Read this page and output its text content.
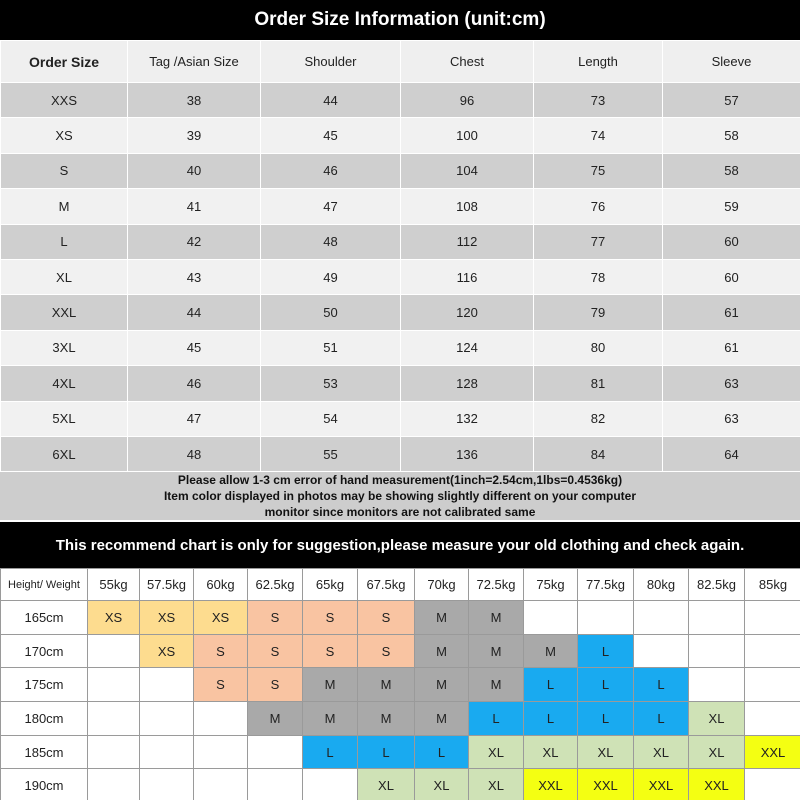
Order Size Information (unit:cm)
Order Size	Tag /Asian Size	Shoulder	Chest	Length	Sleeve
XXS	38	44	96	73	57
XS	39	45	100	74	58
S	40	46	104	75	58
M	41	47	108	76	59
L	42	48	112	77	60
XL	43	49	116	78	60
XXL	44	50	120	79	61
3XL	45	51	124	80	61
4XL	46	53	128	81	63
5XL	47	54	132	82	63
6XL	48	55	136	84	64
Please allow 1-3 cm error of hand measurement(1inch=2.54cm,1lbs=0.4536kg)
Item color displayed in photos may be showing slightly different on your computer
monitor since monitors are not calibrated same
This recommend chart is only for suggestion,please measure your old clothing and check again.
Height/ Weight	55kg	57.5kg	60kg	62.5kg	65kg	67.5kg	70kg	72.5kg	75kg	77.5kg	80kg	82.5kg	85kg
165cm	XS	XS	XS	S	S	S	M	M					
170cm		XS	S	S	S	S	M	M	M	L			
175cm			S	S	M	M	M	M	L	L	L		
180cm				M	M	M	M	L	L	L	L	XL	
185cm					L	L	L	XL	XL	XL	XL	XL	XXL
190cm						XL	XL	XL	XXL	XXL	XXL	XXL	
